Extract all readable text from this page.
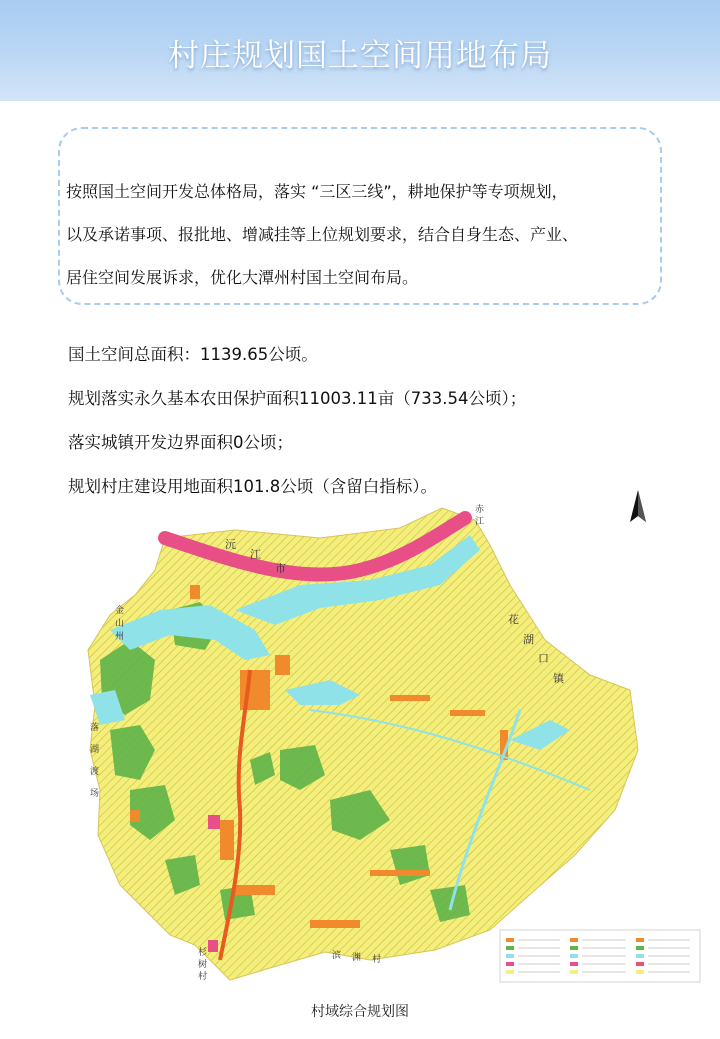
村庄规划国土空间用地布局
按照国土空间开发总体格局，落实 “三区三线”，耕地保护等专项规划，
以及承诺事项、报批地、增减挂等上位规划要求，结合自身生态、产业、
居住空间发展诉求，优化大潭州村国土空间布局。
国土空间总面积：1139.65公顷。
规划落实永久基本农田保护面积11003.11亩（733.54公顷）；
落实城镇开发边界面积0公顷；
规划村庄建设用地面积101.8公顷（含留白指标）。
沅
江
市
花
湖
口
镇
金
山
州
落
湖
渡
场
滨 渊 村
赤
江
杉
树
村
村域综合规划图
